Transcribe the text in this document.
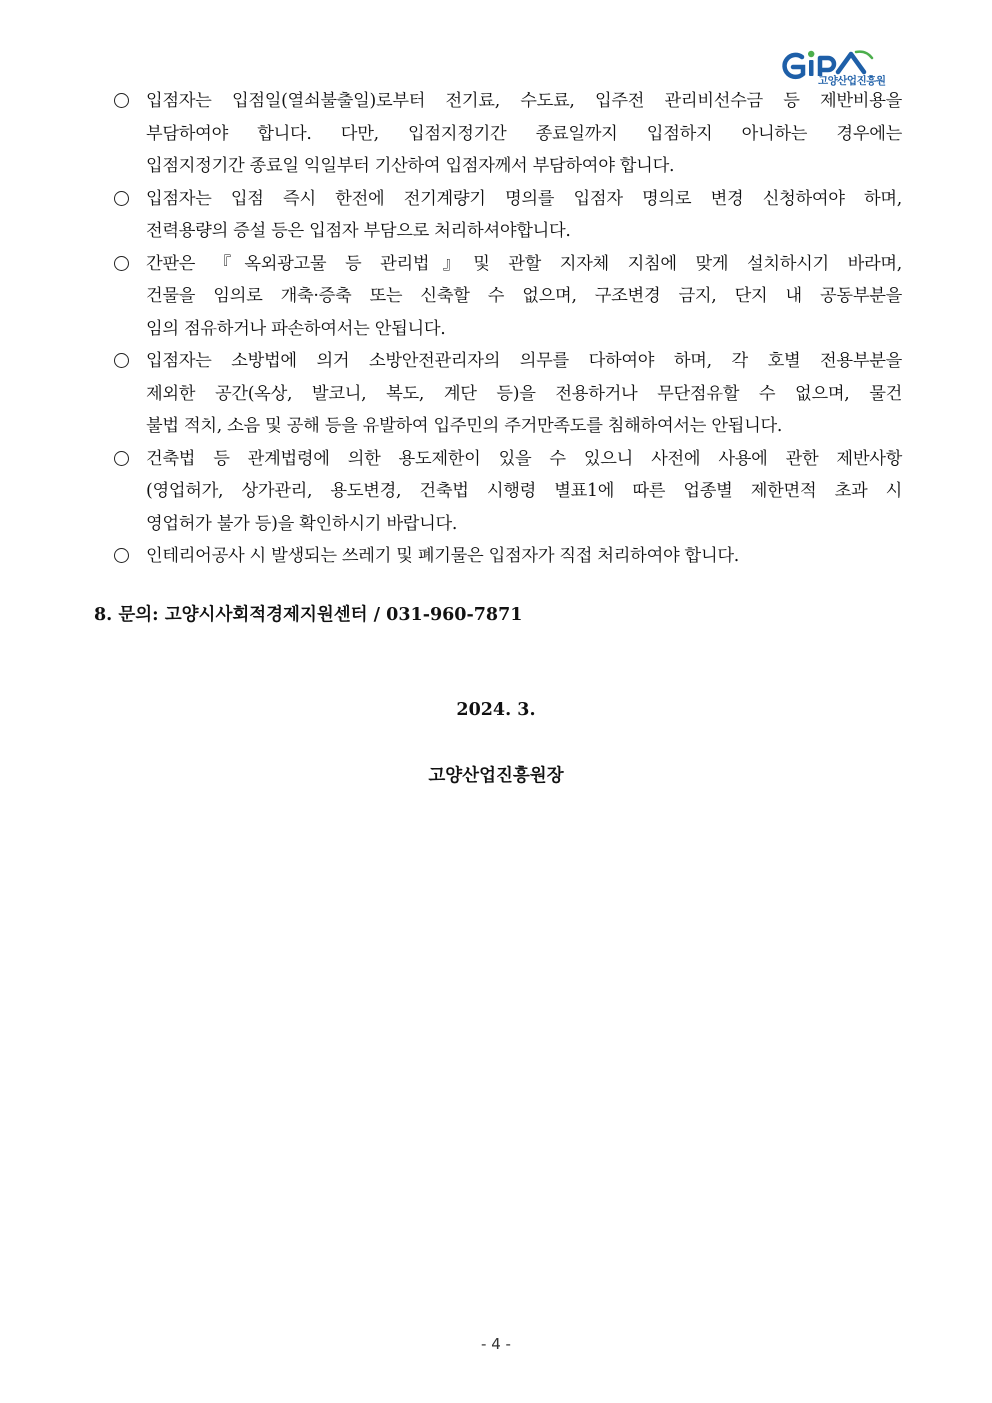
고양산업진흥원
입점자는 입점일(열쇠불출일)로부터 전기료, 수도료, 입주전 관리비선수금 등 제반비용을
부담하여야 합니다. 다만, 입점지정기간 종료일까지 입점하지 아니하는 경우에는
입점지정기간 종료일 익일부터 기산하여 입점자께서 부담하여야 합니다.
입점자는 입점 즉시 한전에 전기계량기 명의를 입점자 명의로 변경 신청하여야 하며,
전력용량의 증설 등은 입점자 부담으로 처리하셔야합니다.
간판은 『옥외광고물 등 관리법』및 관할 지자체 지침에 맞게 설치하시기 바라며,
건물을 임의로 개축·증축 또는 신축할 수 없으며, 구조변경 금지, 단지 내 공동부분을
임의 점유하거나 파손하여서는 안됩니다.
입점자는 소방법에 의거 소방안전관리자의 의무를 다하여야 하며, 각 호별 전용부분을
제외한 공간(옥상, 발코니, 복도, 계단 등)을 전용하거나 무단점유할 수 없으며, 물건
불법 적치, 소음 및 공해 등을 유발하여 입주민의 주거만족도를 침해하여서는 안됩니다.
건축법 등 관계법령에 의한 용도제한이 있을 수 있으니 사전에 사용에 관한 제반사항
(영업허가, 상가관리, 용도변경, 건축법 시행령 별표1에 따른 업종별 제한면적 초과 시
영업허가 불가 등)을 확인하시기 바랍니다.
인테리어공사 시 발생되는 쓰레기 및 폐기물은 입점자가 직접 처리하여야 합니다.
8. 문의: 고양시사회적경제지원센터 / 031-960-7871
2024. 3.
고양산업진흥원장
- 4 -
